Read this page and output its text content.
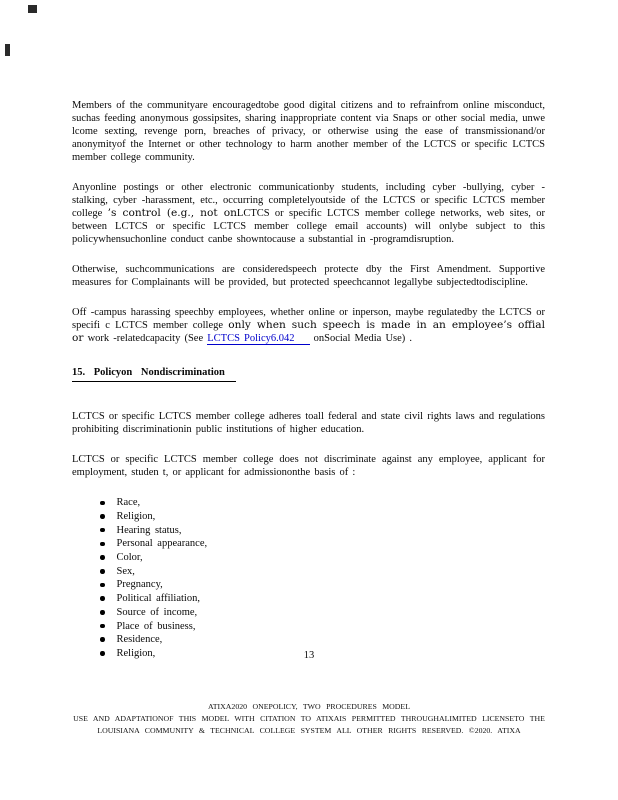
Members of the communityare encouragedtobe good digital citizens and to refrainfrom online misconduct, suchas feeding anonymous gossipsites, sharing inappropriate content via Snaps or other social media, unwe lcome sexting, revenge porn, breaches of privacy, or otherwise using the ease of transmissionand/or anonymityof the Internet or other technology to harm another member of the LCTCS or specific LCTCS member college community.

Anyonline postings or other electronic communicationby students, including cyber -bullying, cyber - stalking, cyber -harassment, etc., occurring completelyoutside of the LCTCS or specific LCTCS member college ’s control (e.g., not onLCTCS or specific LCTCS member college networks, web sites, or between LCTCS or specific LCTCS member college email accounts) will onlybe subject to this policywhensuchonline conduct canbe showntocause a substantial in -programdisruption.

Otherwise, suchcommunications are consideredspeech protecte dby the First Amendment. Supportive measures for Complainants will be provided, but protected speechcannot legallybe subjectedtodiscipline.

Off -campus harassing speechby employees, whether online or inperson, maybe regulatedby the LCTCS or specifi c LCTCS member college only when such speech is made in an employee’s offial or work -relatedcapacity (See LCTCS Policy6.042 onSocial Media Use) .

15. Policyon Nondiscrimination

LCTCS or specific LCTCS member college adheres toall federal and state civil rights laws and regulations prohibiting discriminationin public institutions of higher education.

LCTCS or specific LCTCS member college does not discriminate against any employee, applicant for employment, studen t, or applicant for admissiononthe basis of :

Race,
Religion,
Hearing status,
Personal appearance,
Color,
Sex,
Pregnancy,
Political affiliation,
Source of income,
Place of business,
Residence,
Religion,	13
ATIXA2020 ONEPOLICY, TWO PROCEDURES MODEL
USE AND ADAPTATIONOF THIS MODEL WITH CITATION TO ATIXAIS PERMITTED THROUGHALIMITED LICENSETO THE
LOUISIANA COMMUNITY & TECHNICAL COLLEGE SYSTEM ALL OTHER RIGHTS RESERVED. ©2020. ATIXA
